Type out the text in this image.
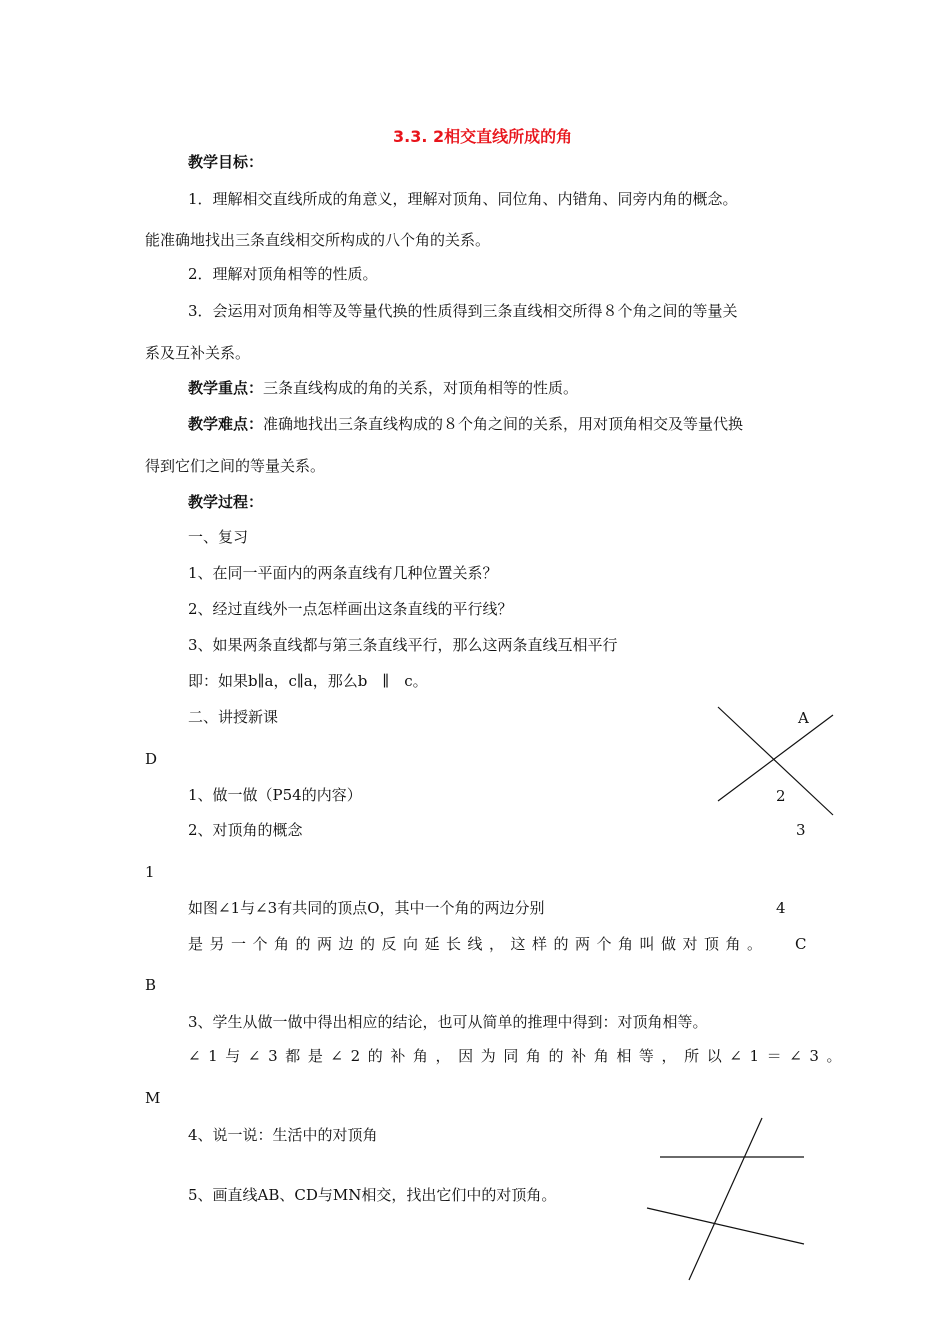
3.3. 2相交直线所成的角
教学目标：
1．理解相交直线所成的角意义，理解对顶角、同位角、内错角、同旁内角的概念。
能准确地找出三条直线相交所构成的八个角的关系。
2．理解对顶角相等的性质。
3．会运用对顶角相等及等量代换的性质得到三条直线相交所得８个角之间的等量关
系及互补关系。
教学重点：三条直线构成的角的关系，对顶角相等的性质。
教学难点：准确地找出三条直线构成的８个角之间的关系，用对顶角相交及等量代换
得到它们之间的等量关系。
教学过程：
一、复习
1、在同一平面内的两条直线有几种位置关系？
2、经过直线外一点怎样画出这条直线的平行线？
3、如果两条直线都与第三条直线平行，那么这两条直线互相平行
即：如果b∥a，c∥a，那么b　∥　c。
二、讲授新课
1、做一做（P54的内容）
2、对顶角的概念
如图∠1与∠3有共同的顶点O，其中一个角的两边分别
是另一个角的两边的反向延长线，这样的两个角叫做对顶角。
3、学生从做一做中得出相应的结论，也可从简单的推理中得到：对顶角相等。
∠1与∠3都是∠2的补角，因为同角的补角相等，所以∠1＝∠3。
4、说一说：生活中的对顶角
5、画直线AB、CD与MN相交，找出它们中的对顶角。
A
D
2
3
1
4
C
B
M
